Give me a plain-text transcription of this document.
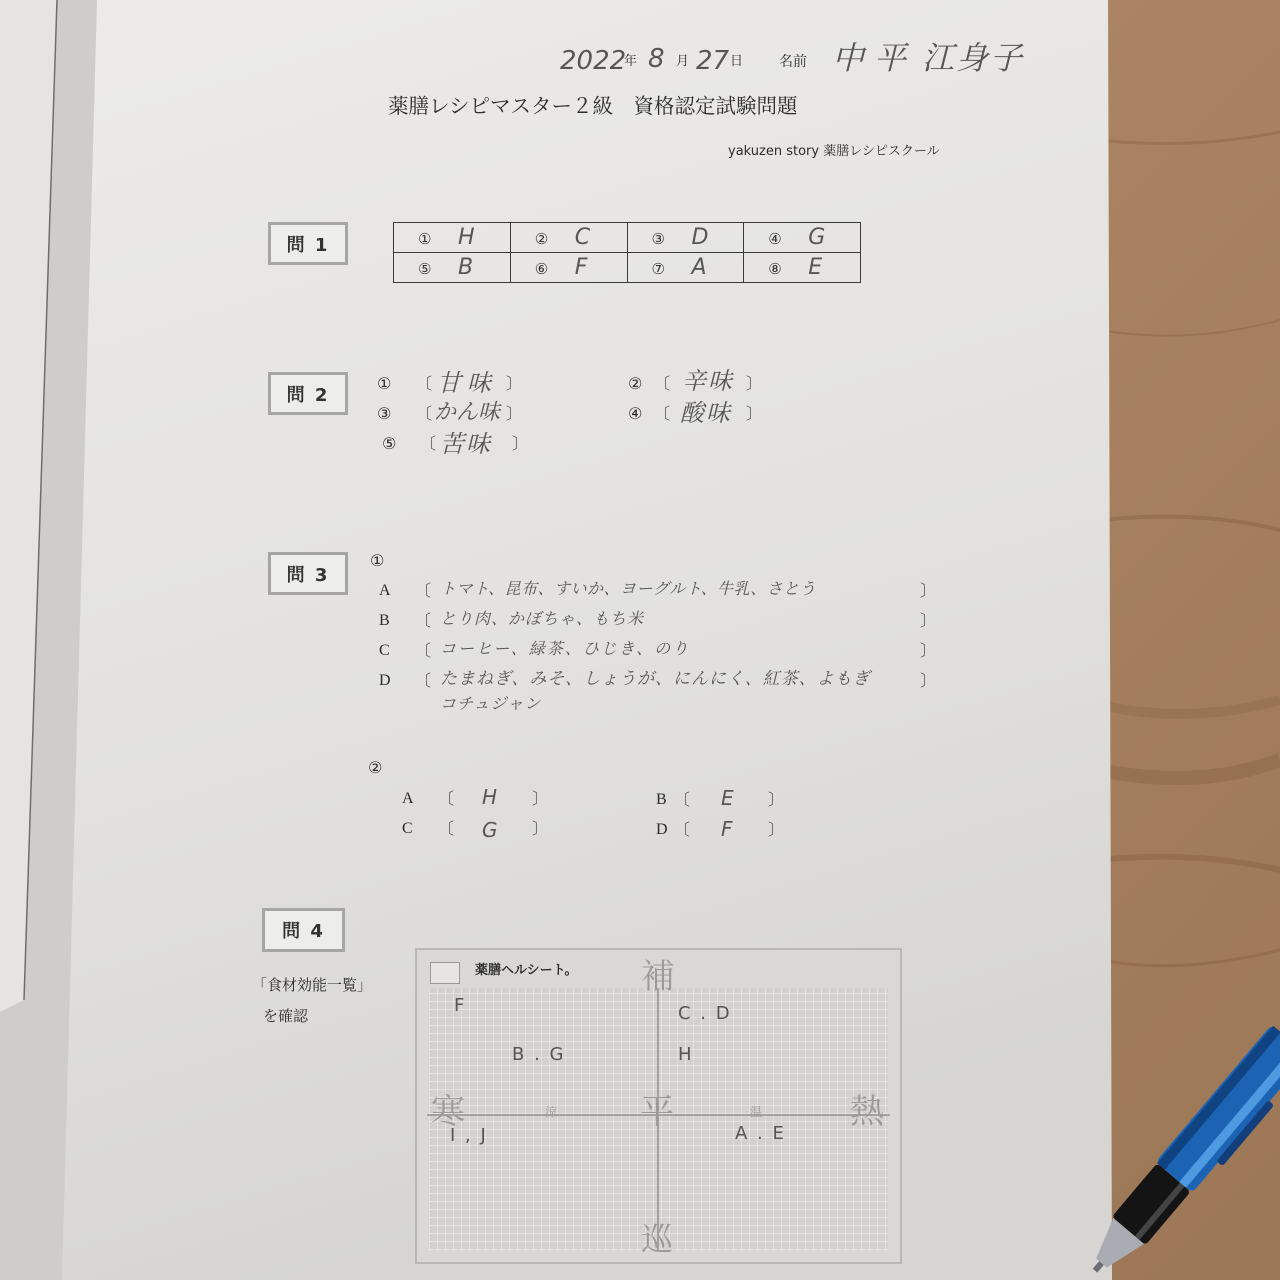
2022
年 8 月 27 日	名前 中平 江身子
薬膳レシピマスター２級　資格認定試験問題
yakuzen story 薬膳レシピスクール
問 1	① H	② C	③ D	④ G
⑤ B	⑥ F	⑦ A	⑧ E
問 2
① 〔 甘味 〕	② 〔 辛味 〕
③ 〔 かん味 〕	④ 〔 酸味 〕
⑤ 〔 苦味 〕
問 3
①
A 〔 トマト、昆布、すいか、ヨーグルト、牛乳、さとう	〕
B 〔 とり肉、かぼちゃ、もち米	〕
C 〔 コーヒー、緑茶、ひじき、のり	〕
D 〔 たまねぎ、みそ、しょうが、にんにく、紅茶、よもぎ	〕
コチュジャン
②
A 〔 H 〕	B 〔 E 〕
C 〔 G 〕	D 〔 F 〕
問 4
「食材効能一覧」
を確認
薬膳ヘルシート。 補
寒	涼 平	温	熱
巡
F	C . D
B . G	H
I , J	A . E
